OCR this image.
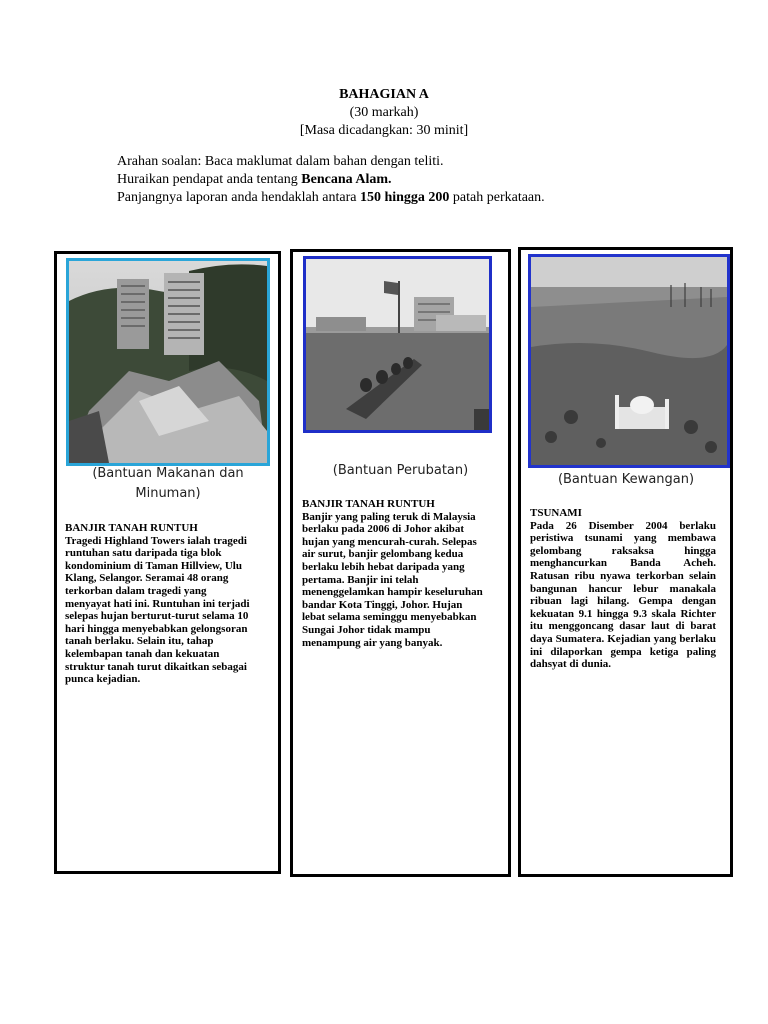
BAHAGIAN A
(30 markah)
[Masa dicadangkan: 30 minit]
Arahan soalan: Baca maklumat dalam bahan dengan teliti.
Huraikan pendapat anda tentang Bencana Alam.
Panjangnya laporan anda hendaklah antara 150 hingga 200 patah perkataan.
(Bantuan Makanan dan Minuman)
BANJIR TANAH RUNTUH
Tragedi Highland Towers ialah tragedi runtuhan satu daripada tiga blok kondominium di Taman Hillview, Ulu Klang, Selangor. Seramai 48 orang terkorban dalam tragedi yang menyayat hati ini. Runtuhan ini terjadi selepas hujan berturut-turut selama 10 hari hingga menyebabkan gelongsoran tanah berlaku. Selain itu, tahap kelembapan tanah dan kekuatan struktur tanah turut dikaitkan sebagai punca kejadian.
(Bantuan Perubatan)
BANJIR TANAH RUNTUH
Banjir yang paling teruk di Malaysia berlaku pada 2006 di Johor akibat hujan yang mencurah-curah. Selepas air surut, banjir gelombang kedua berlaku lebih hebat daripada yang pertama. Banjir ini telah menenggelamkan hampir keseluruhan bandar Kota Tinggi, Johor. Hujan lebat selama seminggu menyebabkan Sungai Johor tidak mampu menampung air yang banyak.
(Bantuan Kewangan)
TSUNAMI
Pada 26 Disember 2004 berlaku peristiwa tsunami yang membawa gelombang raksaksa hingga menghancurkan Banda Acheh. Ratusan ribu nyawa terkorban selain bangunan hancur lebur manakala ribuan lagi hilang. Gempa dengan kekuatan 9.1 hingga 9.3 skala Richter itu menggoncang dasar laut di barat daya Sumatera. Kejadian yang berlaku ini dilaporkan gempa ketiga paling dahsyat di dunia.
